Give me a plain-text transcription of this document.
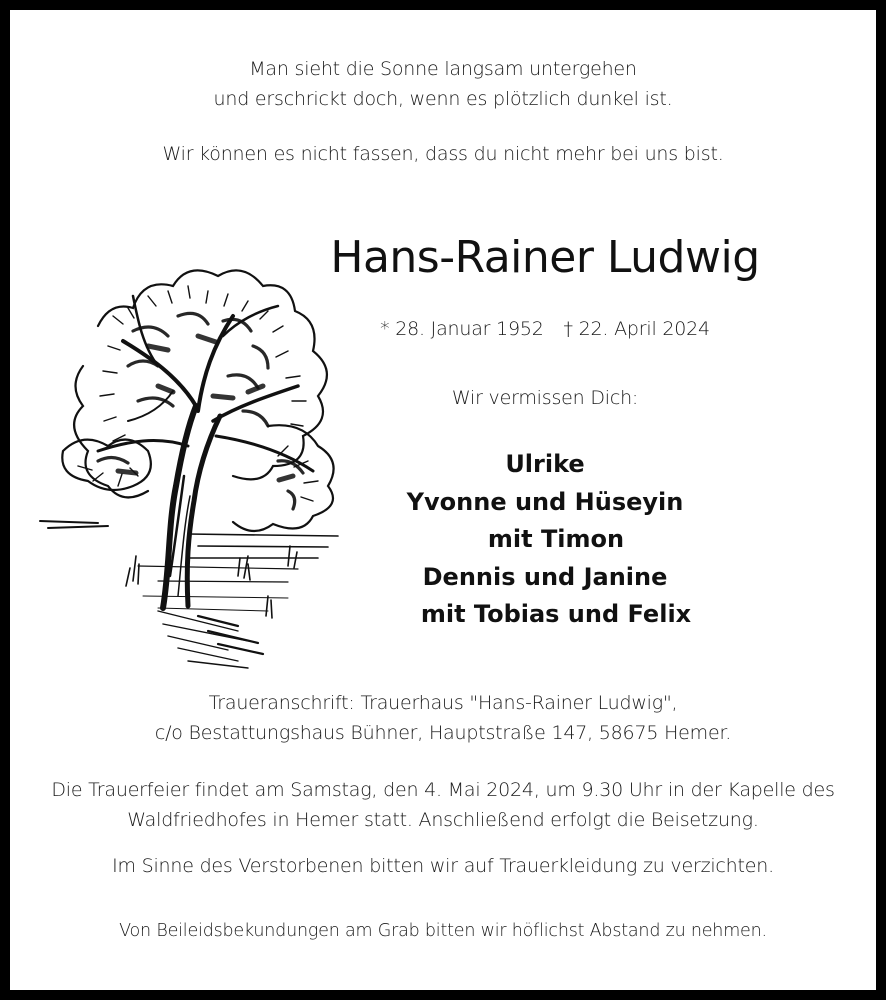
Man sieht die Sonne langsam untergehen
und erschrickt doch, wenn es plötzlich dunkel ist.
Wir können es nicht fassen, dass du nicht mehr bei uns bist.
Hans-Rainer Ludwig
* 28. Januar 1952 † 22. April 2024
Wir vermissen Dich:
Ulrike
Yvonne und Hüseyin
mit Timon
Dennis und Janine
mit Tobias und Felix
Traueranschrift: Trauerhaus "Hans-Rainer Ludwig",
c/o Bestattungshaus Bühner, Hauptstraße 147, 58675 Hemer.
Die Trauerfeier findet am Samstag, den 4. Mai 2024, um 9.30 Uhr in der Kapelle des
Waldfriedhofes in Hemer statt. Anschließend erfolgt die Beisetzung.
Im Sinne des Verstorbenen bitten wir auf Trauerkleidung zu verzichten.
Von Beileidsbekundungen am Grab bitten wir höflichst Abstand zu nehmen.
